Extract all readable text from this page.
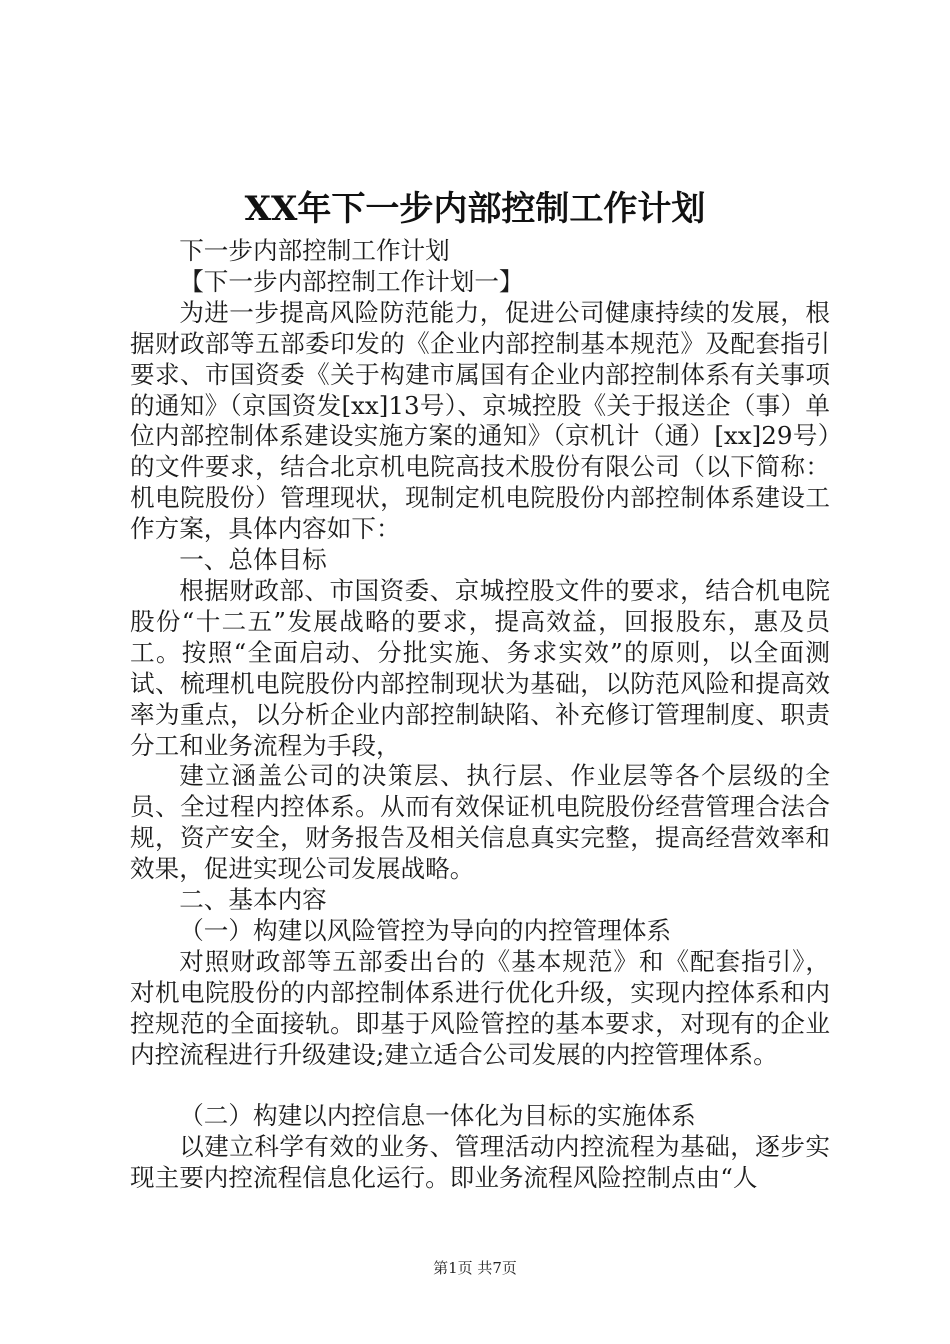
XX年下一步内部控制工作计划

下一步内部控制工作计划

【下一步内部控制工作计划一】

为进一步提高风险防范能力，促进公司健康持续的发展，根据财政部等五部委印发的《企业内部控制基本规范》及配套指引要求、市国资委《关于构建市属国有企业内部控制体系有关事项的通知》（京国资发[xx]13号）、京城控股《关于报送企（事）单位内部控制体系建设实施方案的通知》（京机计（通）[xx]29号）的文件要求，结合北京机电院高技术股份有限公司（以下简称：机电院股份）管理现状，现制定机电院股份内部控制体系建设工作方案，具体内容如下：

一、总体目标

根据财政部、市国资委、京城控股文件的要求，结合机电院股份“十二五”发展战略的要求，提高效益，回报股东，惠及员工。按照“全面启动、分批实施、务求实效”的原则，以全面测试、梳理机电院股份内部控制现状为基础，以防范风险和提高效率为重点，以分析企业内部控制缺陷、补充修订管理制度、职责分工和业务流程为手段，

建立涵盖公司的决策层、执行层、作业层等各个层级的全员、全过程内控体系。从而有效保证机电院股份经营管理合法合规，资产安全，财务报告及相关信息真实完整，提高经营效率和效果，促进实现公司发展战略。

二、基本内容

（一）构建以风险管控为导向的内控管理体系

对照财政部等五部委出台的《基本规范》和《配套指引》，对机电院股份的内部控制体系进行优化升级，实现内控体系和内控规范的全面接轨。即基于风险管控的基本要求，对现有的企业内控流程进行升级建设;建立适合公司发展的内控管理体系。

（二）构建以内控信息一体化为目标的实施体系

以建立科学有效的业务、管理活动内控流程为基础，逐步实现主要内控流程信息化运行。即业务流程风险控制点由“人

第1页 共7页
